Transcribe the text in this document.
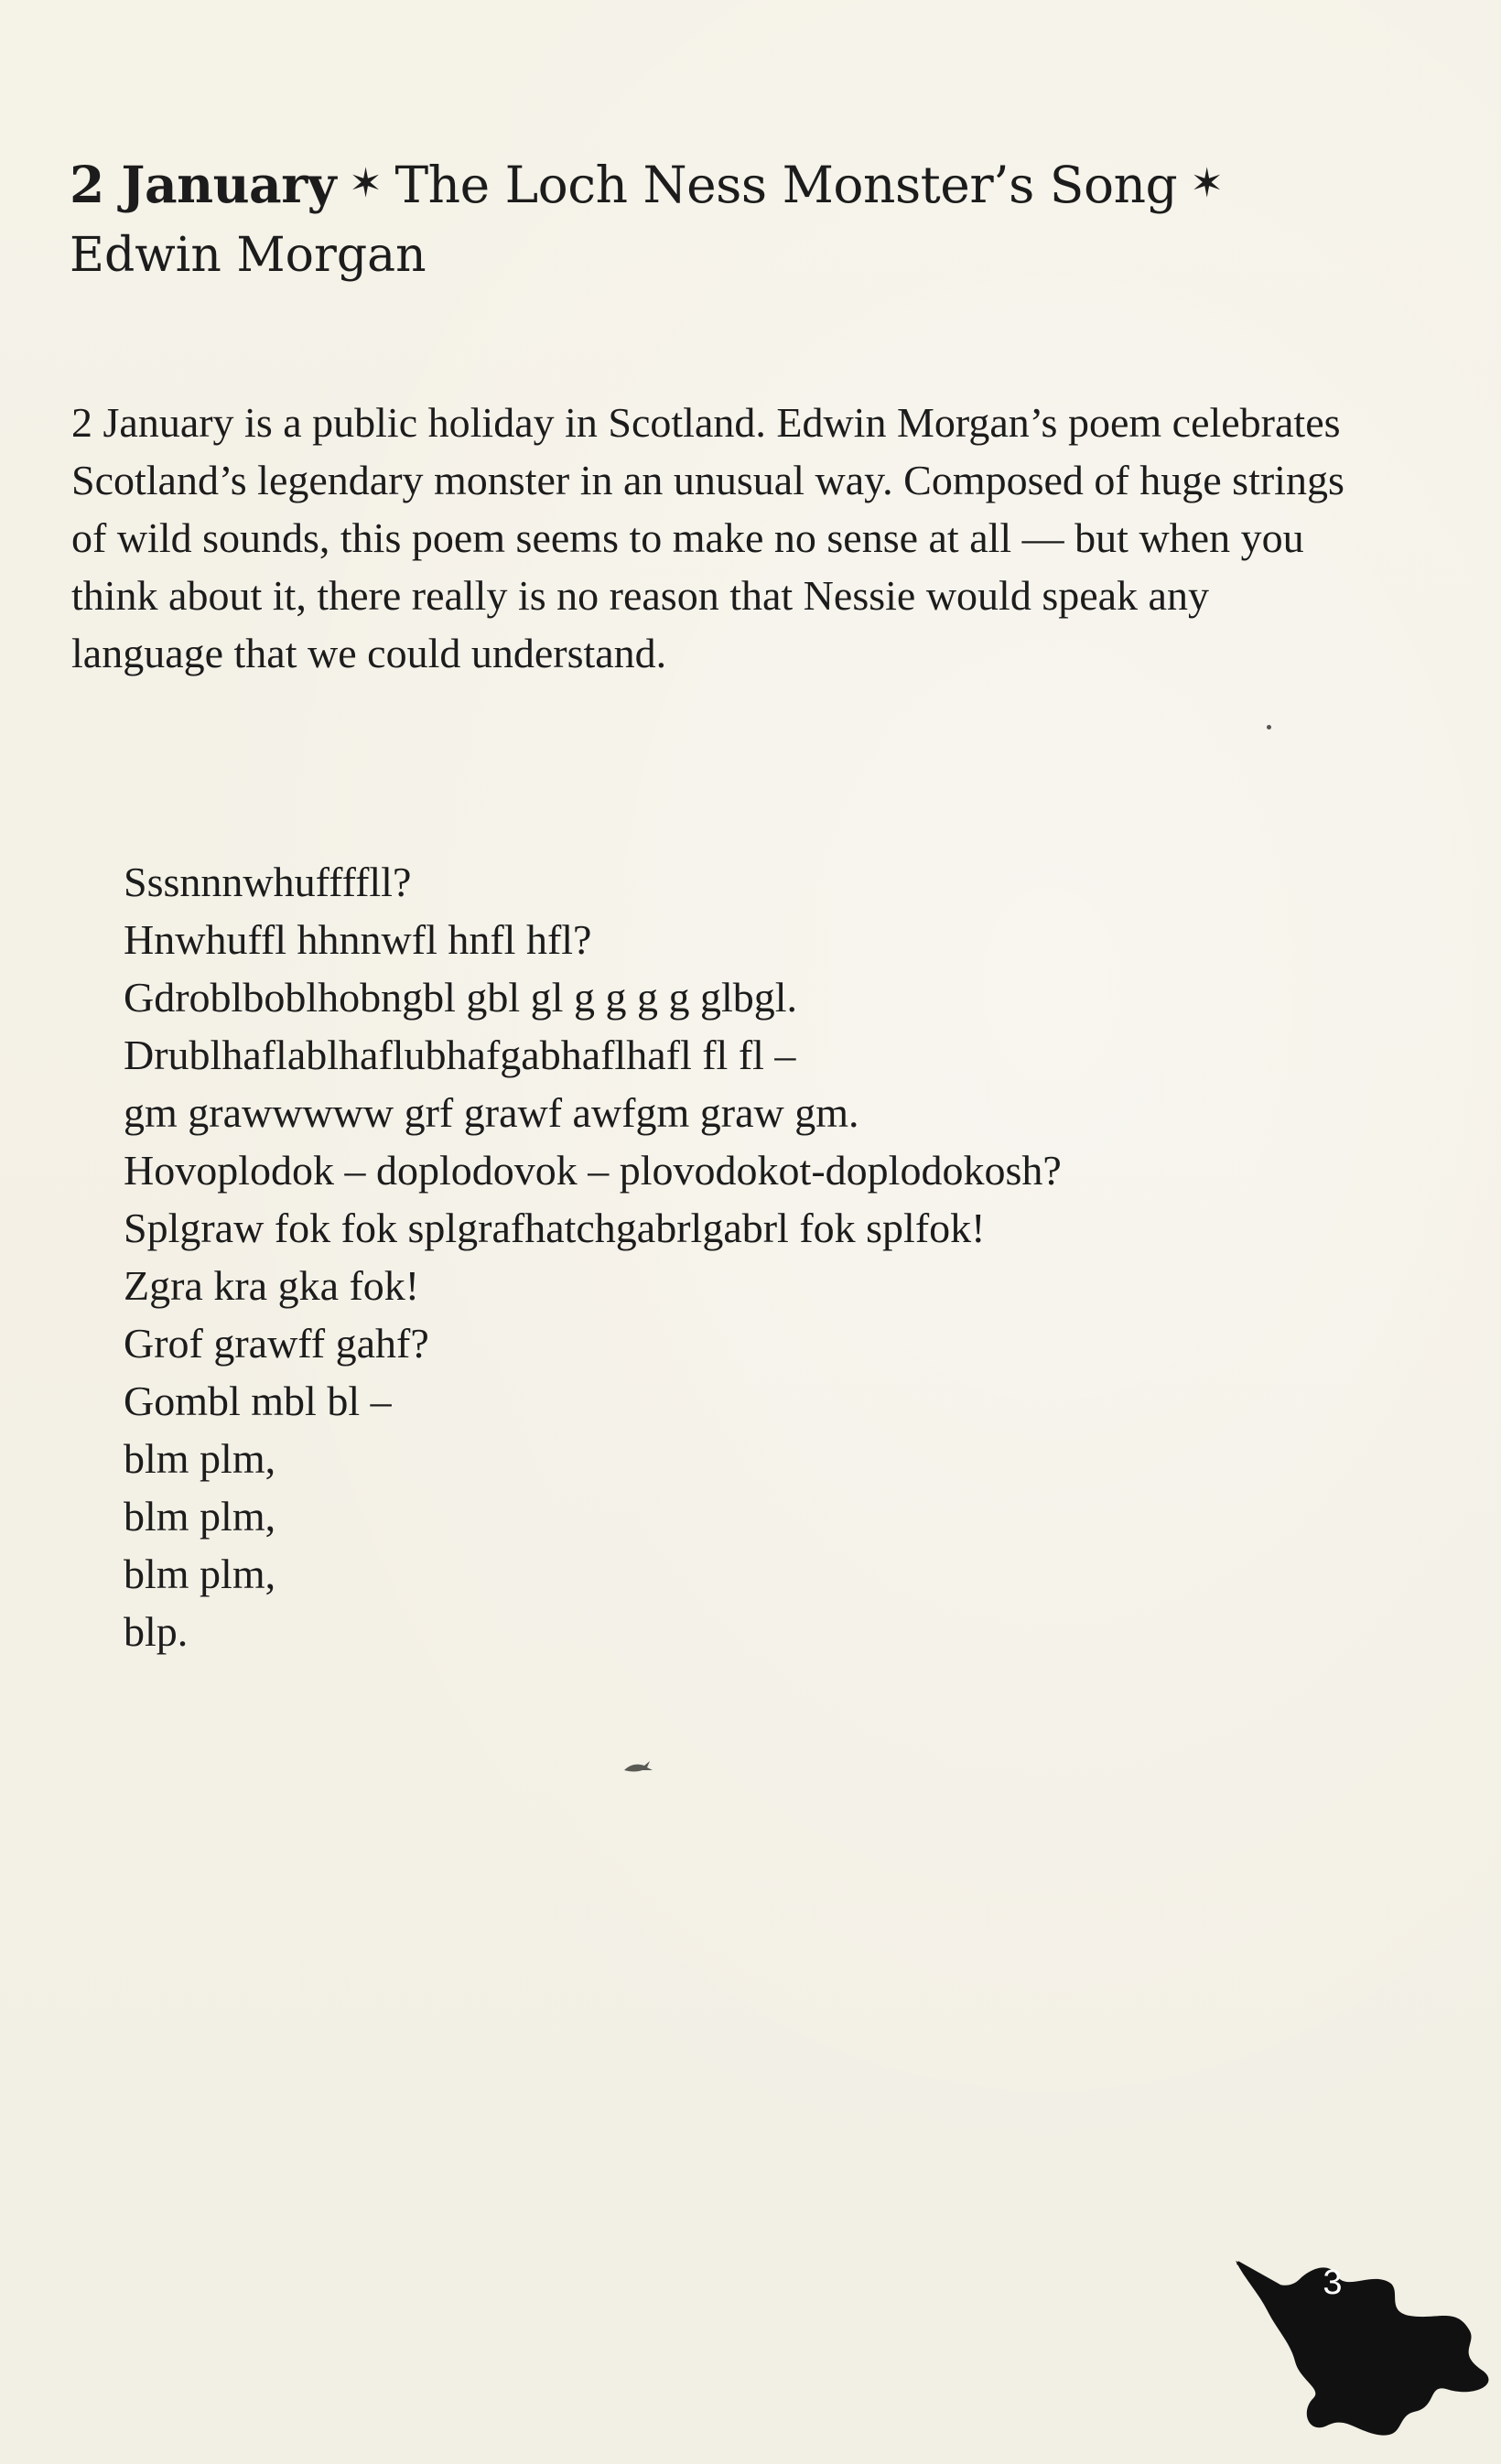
2 January ✶ The Loch Ness Monster’s Song ✶
Edwin Morgan

2 January is a public holiday in Scotland. Edwin Morgan’s poem celebrates Scotland’s legendary monster in an unusual way. Composed of huge strings of wild sounds, this poem seems to make no sense at all — but when you think about it, there really is no reason that Nessie would speak any language that we could understand.

Sssnnnwhuffffll?
Hnwhuffl hhnnwfl hnfl hfl?
Gdroblboblhobngbl gbl gl g g g g glbgl.
Drublhaflablhaflubhafgabhaflhafl fl fl –
gm grawwwww grf grawf awfgm graw gm.
Hovoplodok – doplodovok – plovodokot-doplodokosh?
Splgraw fok fok splgrafhatchgabrlgabrl fok splfok!
Zgra kra gka fok!
Grof grawff gahf?
Gombl mbl bl –
blm plm,
blm plm,
blm plm,
blp.
3
